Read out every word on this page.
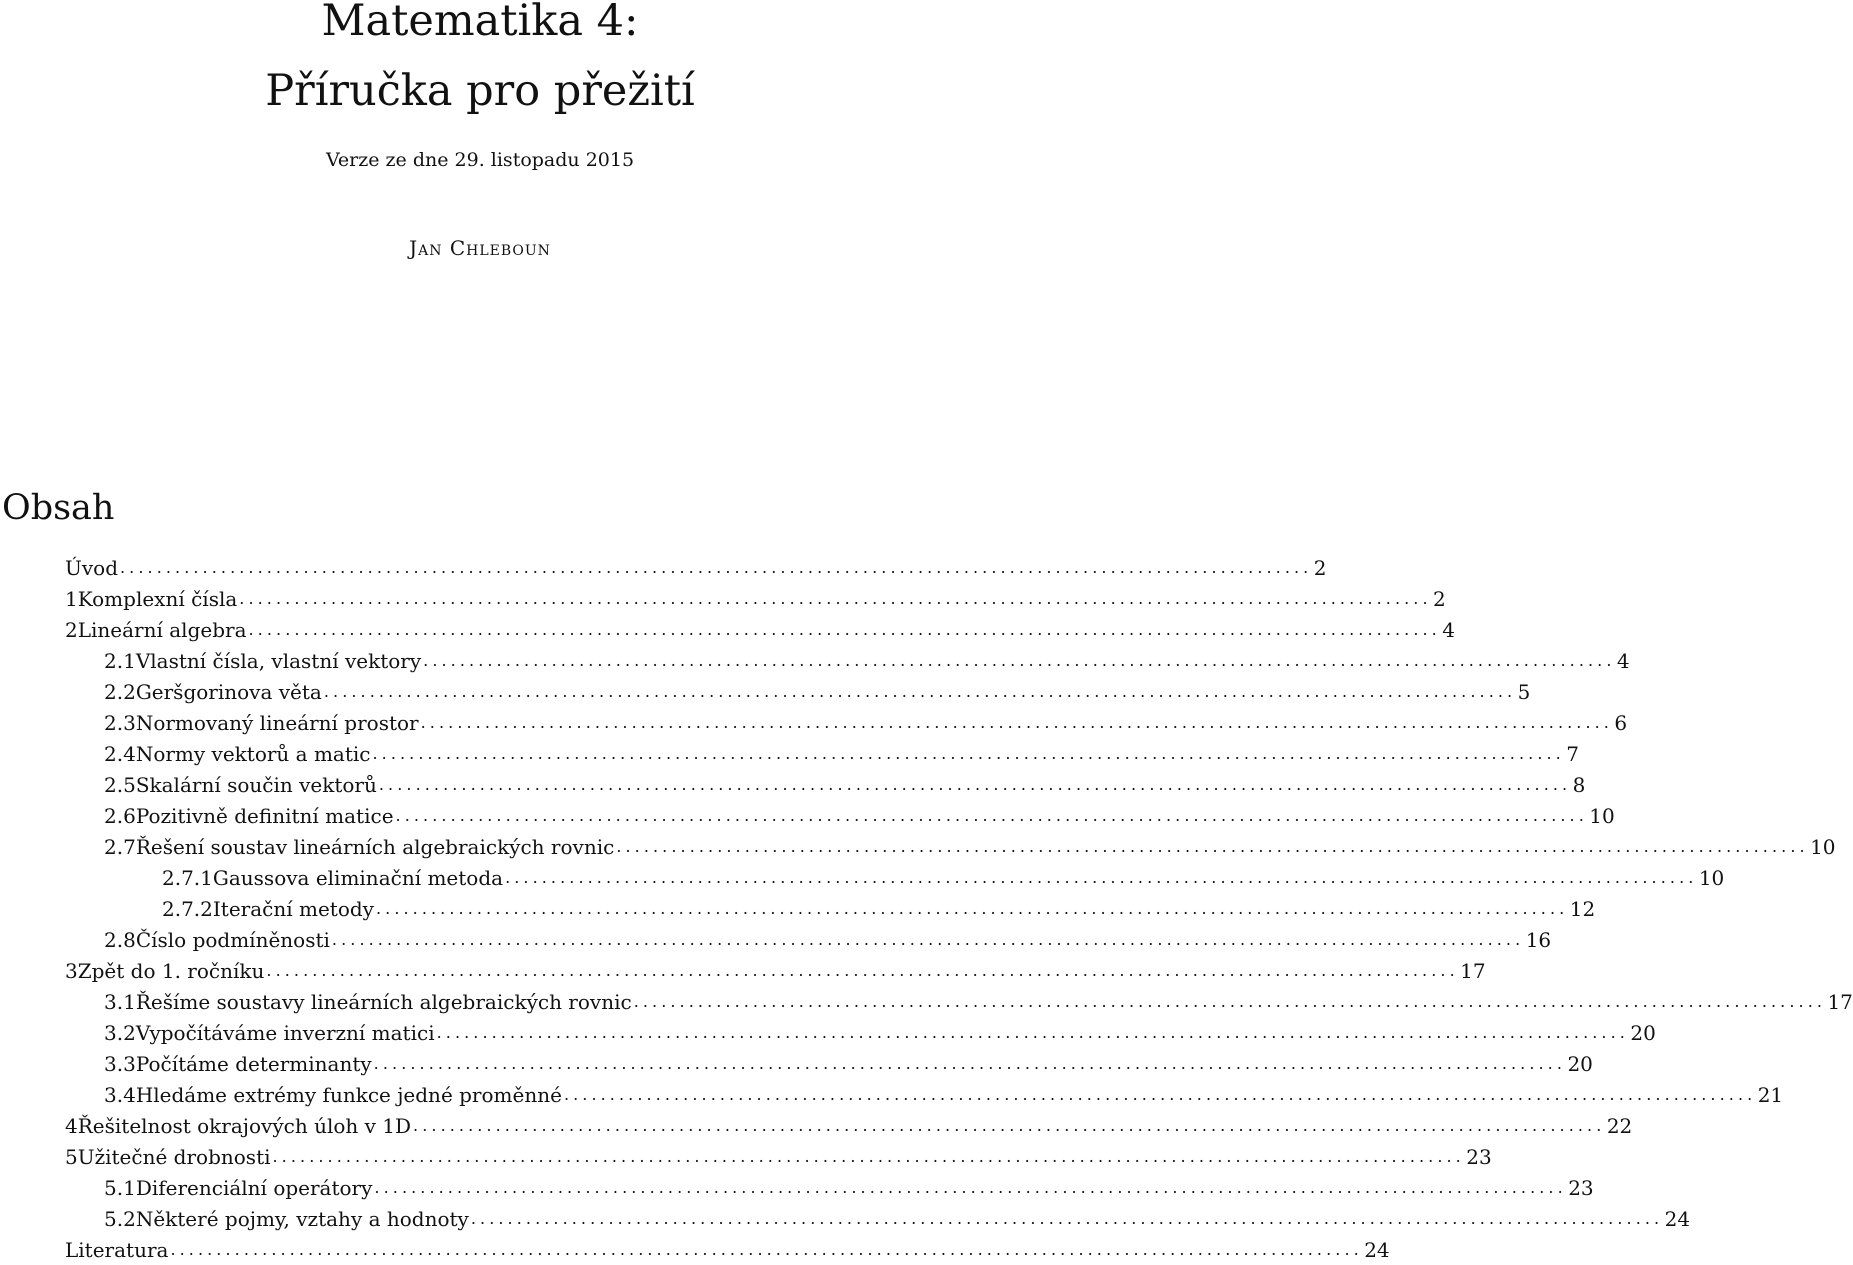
Matematika 4:
Příručka pro přežití
Verze ze dne 29. listopadu 2015
Jan Chleboun
Obsah
Úvod . . .	2
1 Komplexní čísla . . .	2
2 Lineární algebra . . .	4
2.1 Vlastní čísla, vlastní vektory . . .	4
2.2 Geršgorinova věta . . .	5
2.3 Normovaný lineární prostor . . .	6
2.4 Normy vektorů a matic . . .	7
2.5 Skalární součin vektorů . . .	8
2.6 Pozitivně definitní matice . . .	10
2.7 Řešení soustav lineárních algebraických rovnic . . .	10
2.7.1 Gaussova eliminační metoda . . .	10
2.7.2 Iterační metody . . .	12
2.8 Číslo podmíněnosti . . .	16
3 Zpět do 1. ročníku . . .	17
3.1 Řešíme soustavy lineárních algebraických rovnic . . .	17
3.2 Vypočítáváme inverzní matici . . .	20
3.3 Počítáme determinanty . . .	20
3.4 Hledáme extrémy funkce jedné proměnné . . .	21
4 Řešitelnost okrajových úloh v 1D . . .	22
5 Užitečné drobnosti . . .	23
5.1 Diferenciální operátory . . .	23
5.2 Některé pojmy, vztahy a hodnoty . . .	24
Literatura . . .	24
